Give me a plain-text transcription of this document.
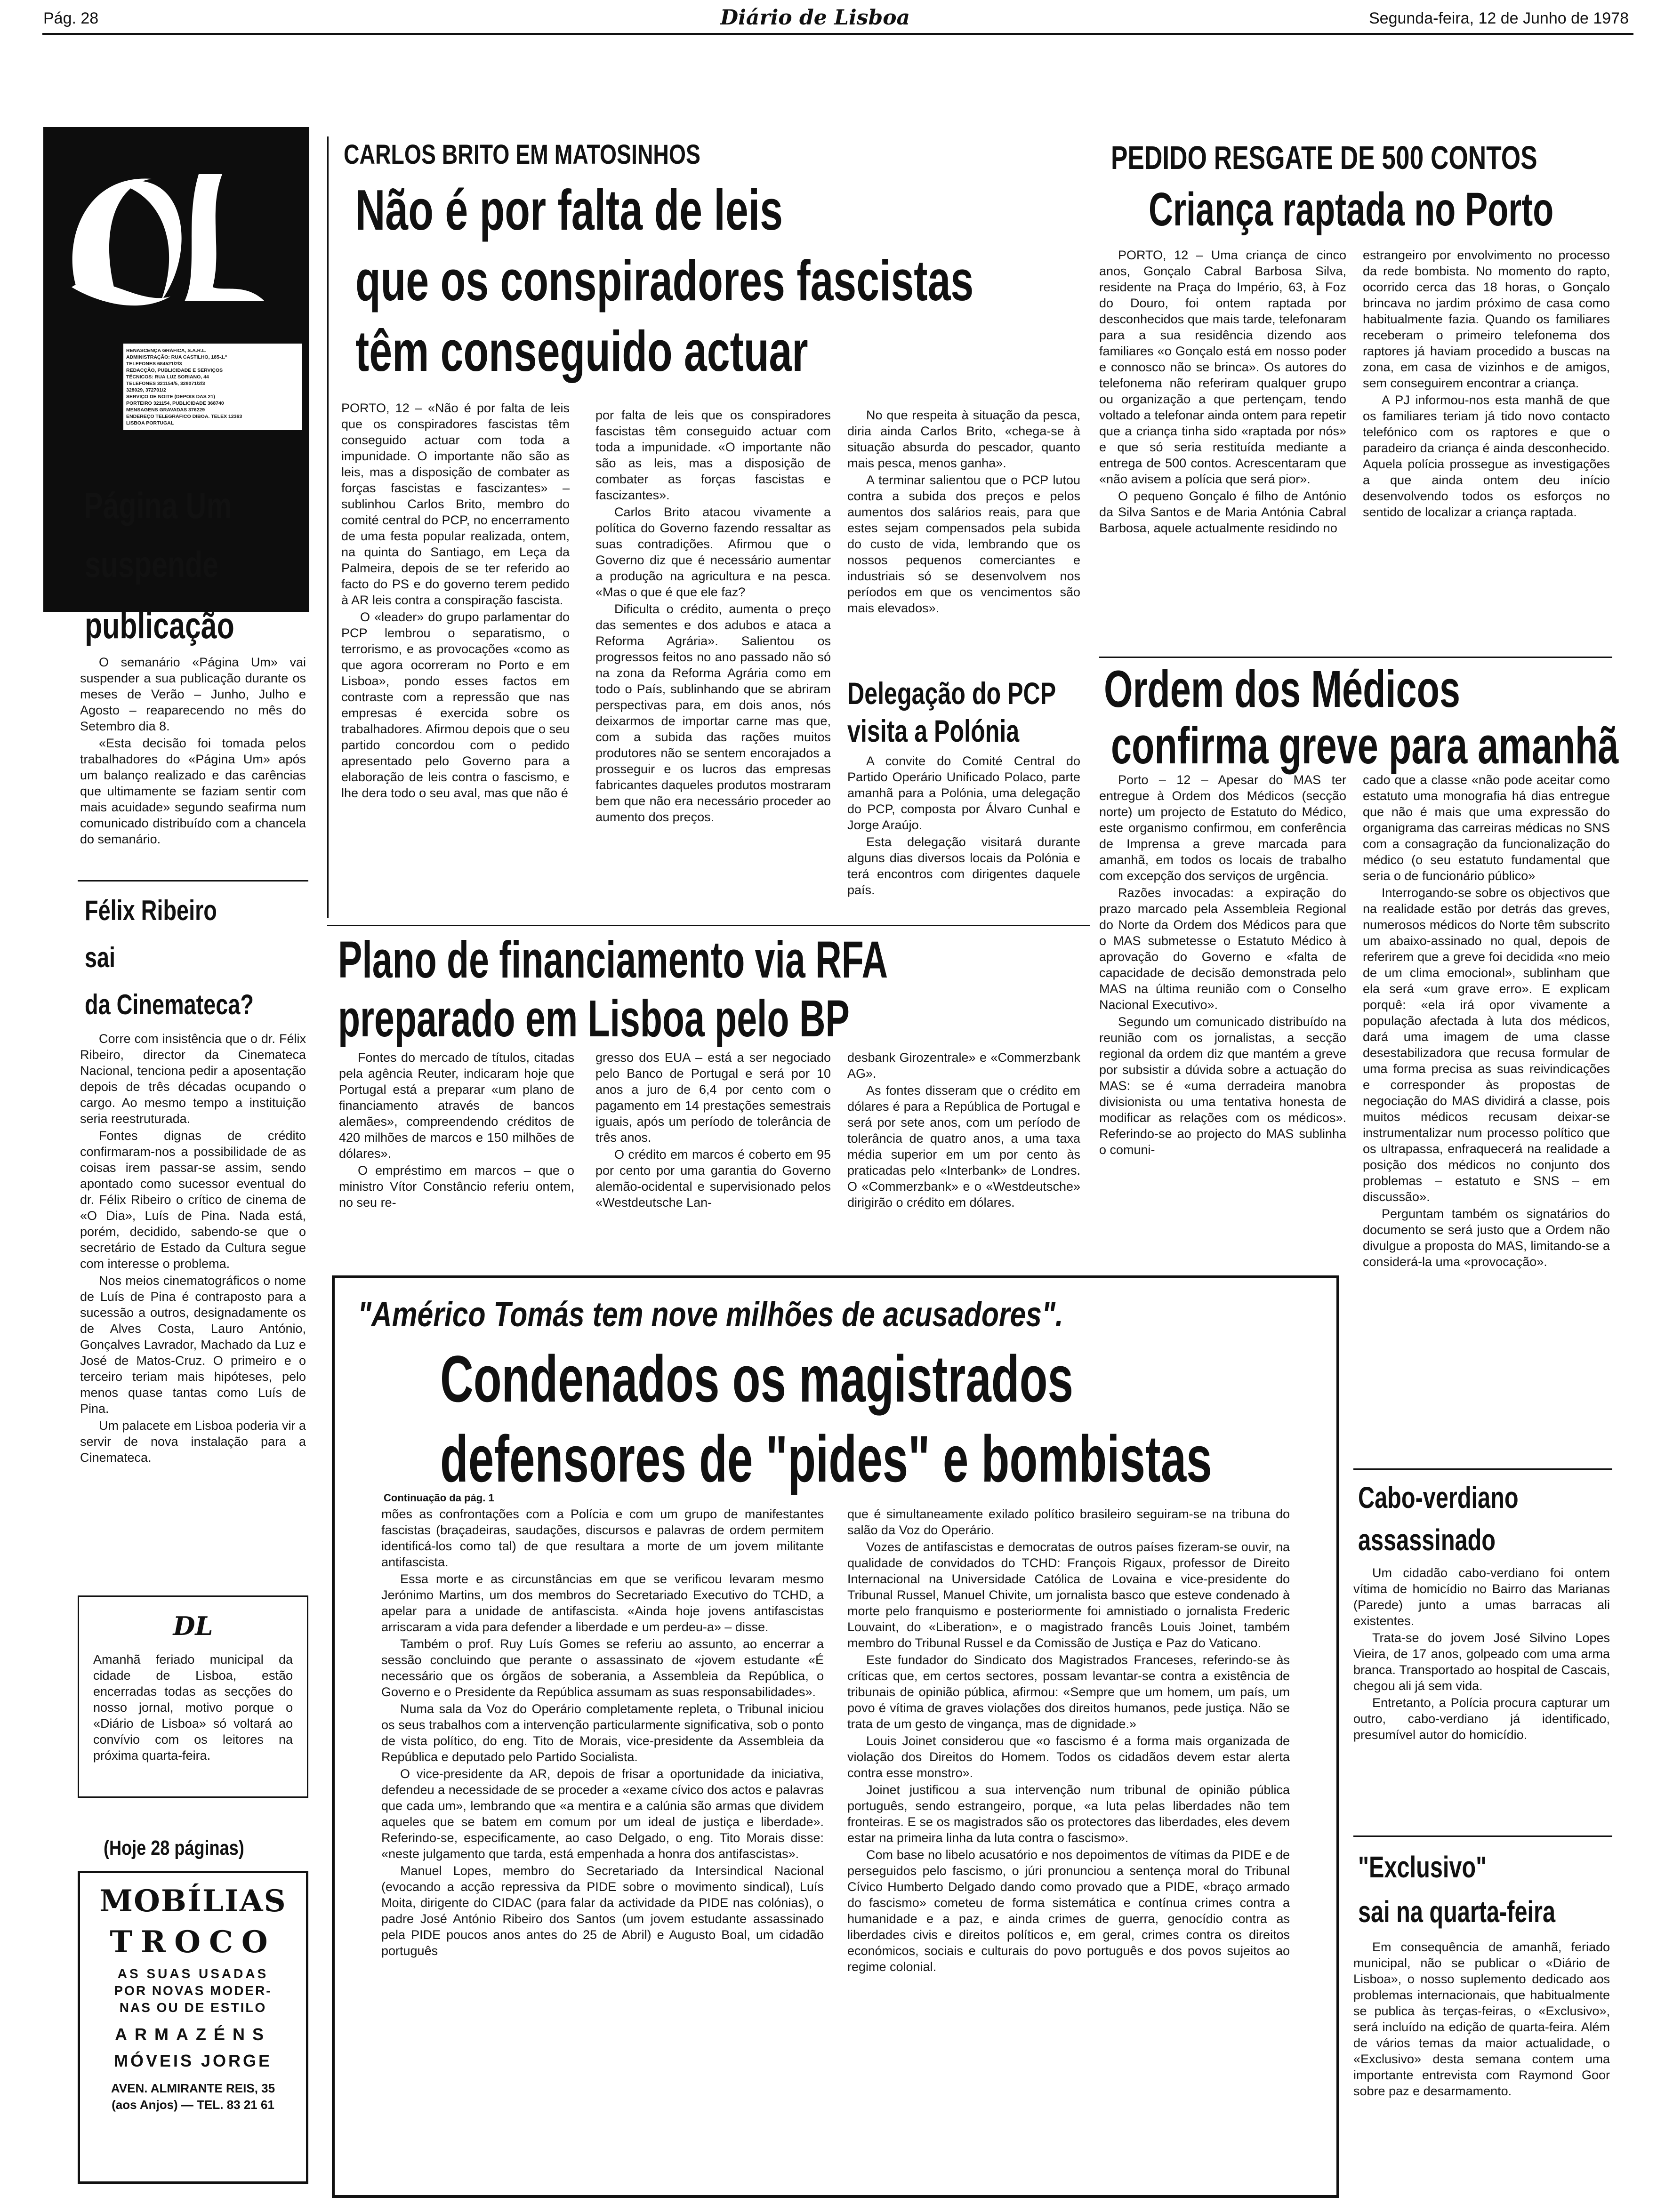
Pág. 28	Diário de Lisboa	Segunda-feira, 12 de Junho de 1978
RENASCENÇA GRÁFICA, S.A.R.L.
ADMINISTRAÇÃO: RUA CASTILHO, 185-1.º
TELEFONES 684521/2/3
REDACÇÃO, PUBLICIDADE E SERVIÇOS
TÉCNICOS: RUA LUZ SORIANO, 44
TELEFONES 321154/5, 328071/2/3
328029, 372701/2
SERVIÇO DE NOITE (DEPOIS DAS 21)
PORTEIRO 321154, PUBLICIDADE 368740
MENSAGENS GRAVADAS 376229
ENDEREÇO TELEGRÁFICO DIBOA. TELEX 12363
LISBOA PORTUGAL
Página Um
suspende
publicação

O semanário «Página Um» vai suspender a sua publicação durante os meses de Verão – Junho, Julho e Agosto – reaparecendo no mês do Setembro dia 8.

«Esta decisão foi tomada pelos trabalhadores do «Página Um» após um balanço realizado e das carências que ultimamente se faziam sentir com mais acuidade» segundo seafirma num comunicado distribuído com a chancela do semanário.

Félix Ribeiro
sai
da Cinemateca?

Corre com insistência que o dr. Félix Ribeiro, director da Cinemateca Nacional, tenciona pedir a aposentação depois de três décadas ocupando o cargo. Ao mesmo tempo a instituição seria reestruturada.

Fontes dignas de crédito confirmaram-nos a possibilidade de as coisas irem passar-se assim, sendo apontado como sucessor eventual do dr. Félix Ribeiro o crítico de cinema de «O Dia», Luís de Pina. Nada está, porém, decidido, sabendo-se que o secretário de Estado da Cultura segue com interesse o problema.

Nos meios cinematográficos o nome de Luís de Pina é contraposto para a sucessão a outros, designadamente os de Alves Costa, Lauro António, Gonçalves Lavrador, Machado da Luz e José de Matos-Cruz. O primeiro e o terceiro teriam mais hipóteses, pelo menos quase tantas como Luís de Pina.

Um palacete em Lisboa poderia vir a servir de nova instalação para a Cinemateca.

DL
Amanhã feriado municipal da cidade de Lisboa, estão encerradas todas as secções do nosso jornal, motivo porque o «Diário de Lisboa» só voltará ao convívio com os leitores na próxima quarta-feira.
(Hoje 28 páginas)
MOBÍLIAS
TROCO
AS SUAS USADAS
POR NOVAS MODER-
NAS OU DE ESTILO
ARMAZÉNS
MÓVEIS JORGE
AVEN. ALMIRANTE REIS, 35
(aos Anjos) — TEL. 83 21 61
CARLOS BRITO EM MATOSINHOS
Não é por falta de leis
que os conspiradores fascistas
têm conseguido actuar

PORTO, 12 – «Não é por falta de leis que os conspiradores fascistas têm conseguido actuar com toda a impunidade. O importante não são as leis, mas a disposição de combater as forças fascistas e fascizantes» – sublinhou Carlos Brito, membro do comité central do PCP, no encerramento de uma festa popular realizada, ontem, na quinta do Santiago, em Leça da Palmeira, depois de se ter referido ao facto do PS e do governo terem pedido à AR leis contra a conspiração fascista.

O «leader» do grupo parlamentar do PCP lembrou o separatismo, o terrorismo, e as provocações «como as que agora ocorreram no Porto e em Lisboa», pondo esses factos em contraste com a repressão que nas empresas é exercida sobre os trabalhadores. Afirmou depois que o seu partido concordou com o pedido apresentado pelo Governo para a elaboração de leis contra o fascismo, e lhe dera todo o seu aval, mas que não é

por falta de leis que os conspiradores fascistas têm conseguido actuar com toda a impunidade. «O importante não são as leis, mas a disposição de combater as forças fascistas e fascizantes».

Carlos Brito atacou vivamente a política do Governo fazendo ressaltar as suas contradições. Afirmou que o Governo diz que é necessário aumentar a produção na agricultura e na pesca. «Mas o que é que ele faz?

Dificulta o crédito, aumenta o preço das sementes e dos adubos e ataca a Reforma Agrária». Salientou os progressos feitos no ano passado não só na zona da Reforma Agrária como em todo o País, sublinhando que se abriram perspectivas para, em dois anos, nós deixarmos de importar carne mas que, com a subida das rações muitos produtores não se sentem encorajados a prosseguir e os lucros das empresas fabricantes daqueles produtos mostraram bem que não era necessário proceder ao aumento dos preços.

No que respeita à situação da pesca, diria ainda Carlos Brito, «chega-se à situação absurda do pescador, quanto mais pesca, menos ganha».

A terminar salientou que o PCP lutou contra a subida dos preços e pelos aumentos dos salários reais, para que estes sejam compensados pela subida do custo de vida, lembrando que os nossos pequenos comerciantes e industriais só se desenvolvem nos períodos em que os vencimentos são mais elevados».

Delegação do PCP
visita a Polónia

A convite do Comité Central do Partido Operário Unificado Polaco, parte amanhã para a Polónia, uma delegação do PCP, composta por Álvaro Cunhal e Jorge Araújo.

Esta delegação visitará durante alguns dias diversos locais da Polónia e terá encontros com dirigentes daquele país.

Plano de financiamento via RFA
preparado em Lisboa pelo BP

Fontes do mercado de títulos, citadas pela agência Reuter, indicaram hoje que Portugal está a preparar «um plano de financiamento através de bancos alemães», compreendendo créditos de 420 milhões de marcos e 150 milhões de dólares».

O empréstimo em marcos – que o ministro Vítor Constâncio referiu ontem, no seu re-

gresso dos EUA – está a ser negociado pelo Banco de Portugal e será por 10 anos a juro de 6,4 por cento com o pagamento em 14 prestações semestrais iguais, após um período de tolerância de três anos.

O crédito em marcos é coberto em 95 por cento por uma garantia do Governo alemão-ocidental e supervisionado pelos «Westdeutsche Lan-

desbank Girozentrale» e «Commerzbank AG».

As fontes disseram que o crédito em dólares é para a República de Portugal e será por sete anos, com um período de tolerância de quatro anos, a uma taxa média superior em um por cento às praticadas pelo «Interbank» de Londres. O «Commerzbank» e o «Westdeutsche» dirigirão o crédito em dólares.

PEDIDO RESGATE DE 500 CONTOS
Criança raptada no Porto

PORTO, 12 – Uma criança de cinco anos, Gonçalo Cabral Barbosa Silva, residente na Praça do Império, 63, à Foz do Douro, foi ontem raptada por desconhecidos que mais tarde, telefonaram para a sua residência dizendo aos familiares «o Gonçalo está em nosso poder e connosco não se brinca». Os autores do telefonema não referiram qualquer grupo ou organização a que pertençam, tendo voltado a telefonar ainda ontem para repetir que a criança tinha sido «raptada por nós» e que só seria restituída mediante a entrega de 500 contos. Acrescentaram que «não avisem a polícia que será pior».

O pequeno Gonçalo é filho de António da Silva Santos e de Maria Antónia Cabral Barbosa, aquele actualmente residindo no

estrangeiro por envolvimento no processo da rede bombista. No momento do rapto, ocorrido cerca das 18 horas, o Gonçalo brincava no jardim próximo de casa como habitualmente fazia. Quando os familiares receberam o primeiro telefonema dos raptores já haviam procedido a buscas na zona, em casa de vizinhos e de amigos, sem conseguirem encontrar a criança.

A PJ informou-nos esta manhã de que os familiares teriam já tido novo contacto telefónico com os raptores e que o paradeiro da criança é ainda desconhecido. Aquela polícia prossegue as investigações a que ainda ontem deu início desenvolvendo todos os esforços no sentido de localizar a criança raptada.

Ordem dos Médicos
confirma greve para amanhã

Porto – 12 – Apesar do MAS ter entregue à Ordem dos Médicos (secção norte) um projecto de Estatuto do Médico, este organismo confirmou, em conferência de Imprensa a greve marcada para amanhã, em todos os locais de trabalho com excepção dos serviços de urgência.

Razões invocadas: a expiração do prazo marcado pela Assembleia Regional do Norte da Ordem dos Médicos para que o MAS submetesse o Estatuto Médico à aprovação do Governo e «falta de capacidade de decisão demonstrada pelo MAS na última reunião com o Conselho Nacional Executivo».

Segundo um comunicado distribuído na reunião com os jornalistas, a secção regional da ordem diz que mantém a greve por subsistir a dúvida sobre a actuação do MAS: se é «uma derradeira manobra divisionista ou uma tentativa honesta de modificar as relações com os médicos». Referindo-se ao projecto do MAS sublinha o comuni-

cado que a classe «não pode aceitar como estatuto uma monografia há dias entregue que não é mais que uma expressão do organigrama das carreiras médicas no SNS com a consagração da funcionalização do médico (o seu estatuto fundamental que seria o de funcionário público»

Interrogando-se sobre os objectivos que na realidade estão por detrás das greves, numerosos médicos do Norte têm subscrito um abaixo-assinado no qual, depois de referirem que a greve foi decidida «no meio de um clima emocional», sublinham que ela será «um grave erro». E explicam porquê: «ela irá opor vivamente a população afectada à luta dos médicos, dará uma imagem de uma classe desestabilizadora que recusa formular de uma forma precisa as suas reivindicações e corresponder às propostas de negociação do MAS dividirá a classe, pois muitos médicos recusam deixar-se instrumentalizar num processo político que os ultrapassa, enfraquecerá na realidade a posição dos médicos no conjunto dos problemas – estatuto e SNS – em discussão».

Perguntam também os signatários do documento se será justo que a Ordem não divulgue a proposta do MAS, limitando-se a considerá-la uma «provocação».

"Américo Tomás tem nove milhões de acusadores".
Condenados os magistrados
defensores de "pides" e bombistas
Continuação da pág. 1

mões as confrontações com a Polícia e com um grupo de manifestantes fascistas (braçadeiras, saudações, discursos e palavras de ordem permitem identificá-los como tal) de que resultara a morte de um jovem militante antifascista.

Essa morte e as circunstâncias em que se verificou levaram mesmo Jerónimo Martins, um dos membros do Secretariado Executivo do TCHD, a apelar para a unidade de antifascista. «Ainda hoje jovens antifascistas arriscaram a vida para defender a liberdade e um perdeu-a» – disse.

Também o prof. Ruy Luís Gomes se referiu ao assunto, ao encerrar a sessão concluindo que perante o assassinato de «jovem estudante «É necessário que os órgãos de soberania, a Assembleia da República, o Governo e o Presidente da República assumam as suas responsabilidades».

Numa sala da Voz do Operário completamente repleta, o Tribunal iniciou os seus trabalhos com a intervenção particularmente significativa, sob o ponto de vista político, do eng. Tito de Morais, vice-presidente da Assembleia da República e deputado pelo Partido Socialista.

O vice-presidente da AR, depois de frisar a oportunidade da iniciativa, defendeu a necessidade de se proceder a «exame cívico dos actos e palavras que cada um», lembrando que «a mentira e a calúnia são armas que dividem aqueles que se batem em comum por um ideal de justiça e liberdade». Referindo-se, especificamente, ao caso Delgado, o eng. Tito Morais disse: «neste julgamento que tarda, está empenhada a honra dos antifascistas».

Manuel Lopes, membro do Secretariado da Intersindical Nacional (evocando a acção repressiva da PIDE sobre o movimento sindical), Luís Moita, dirigente do CIDAC (para falar da actividade da PIDE nas colónias), o padre José António Ribeiro dos Santos (um jovem estudante assassinado pela PIDE poucos anos antes do 25 de Abril) e Augusto Boal, um cidadão português

que é simultaneamente exilado político brasileiro seguiram-se na tribuna do salão da Voz do Operário.

Vozes de antifascistas e democratas de outros países fizeram-se ouvir, na qualidade de convidados do TCHD: François Rigaux, professor de Direito Internacional na Universidade Católica de Lovaina e vice-presidente do Tribunal Russel, Manuel Chivite, um jornalista basco que esteve condenado à morte pelo franquismo e posteriormente foi amnistiado o jornalista Frederic Louvaint, do «Liberation», e o magistrado francês Louis Joinet, também membro do Tribunal Russel e da Comissão de Justiça e Paz do Vaticano.

Este fundador do Sindicato dos Magistrados Franceses, referindo-se às críticas que, em certos sectores, possam levantar-se contra a existência de tribunais de opinião pública, afirmou: «Sempre que um homem, um país, um povo é vítima de graves violações dos direitos humanos, pede justiça. Não se trata de um gesto de vingança, mas de dignidade.»

Louis Joinet considerou que «o fascismo é a forma mais organizada de violação dos Direitos do Homem. Todos os cidadãos devem estar alerta contra esse monstro».

Joinet justificou a sua intervenção num tribunal de opinião pública português, sendo estrangeiro, porque, «a luta pelas liberdades não tem fronteiras. E se os magistrados são os protectores das liberdades, eles devem estar na primeira linha da luta contra o fascismo».

Com base no libelo acusatório e nos depoimentos de vítimas da PIDE e de perseguidos pelo fascismo, o júri pronunciou a sentença moral do Tribunal Cívico Humberto Delgado dando como provado que a PIDE, «braço armado do fascismo» cometeu de forma sistemática e contínua crimes contra a humanidade e a paz, e ainda crimes de guerra, genocídio contra as liberdades civis e direitos políticos e, em geral, crimes contra os direitos económicos, sociais e culturais do povo português e dos povos sujeitos ao regime colonial.

Cabo-verdiano
assassinado

Um cidadão cabo-verdiano foi ontem vítima de homicídio no Bairro das Marianas (Parede) junto a umas barracas ali existentes.

Trata-se do jovem José Silvino Lopes Vieira, de 17 anos, golpeado com uma arma branca. Transportado ao hospital de Cascais, chegou ali já sem vida.

Entretanto, a Polícia procura capturar um outro, cabo-verdiano já identificado, presumível autor do homicídio.

"Exclusivo"
sai na quarta-feira

Em consequência de amanhã, feriado municipal, não se publicar o «Diário de Lisboa», o nosso suplemento dedicado aos problemas internacionais, que habitualmente se publica às terças-feiras, o «Exclusivo», será incluído na edição de quarta-feira. Além de vários temas da maior actualidade, o «Exclusivo» desta semana contem uma importante entrevista com Raymond Goor sobre paz e desarmamento.
